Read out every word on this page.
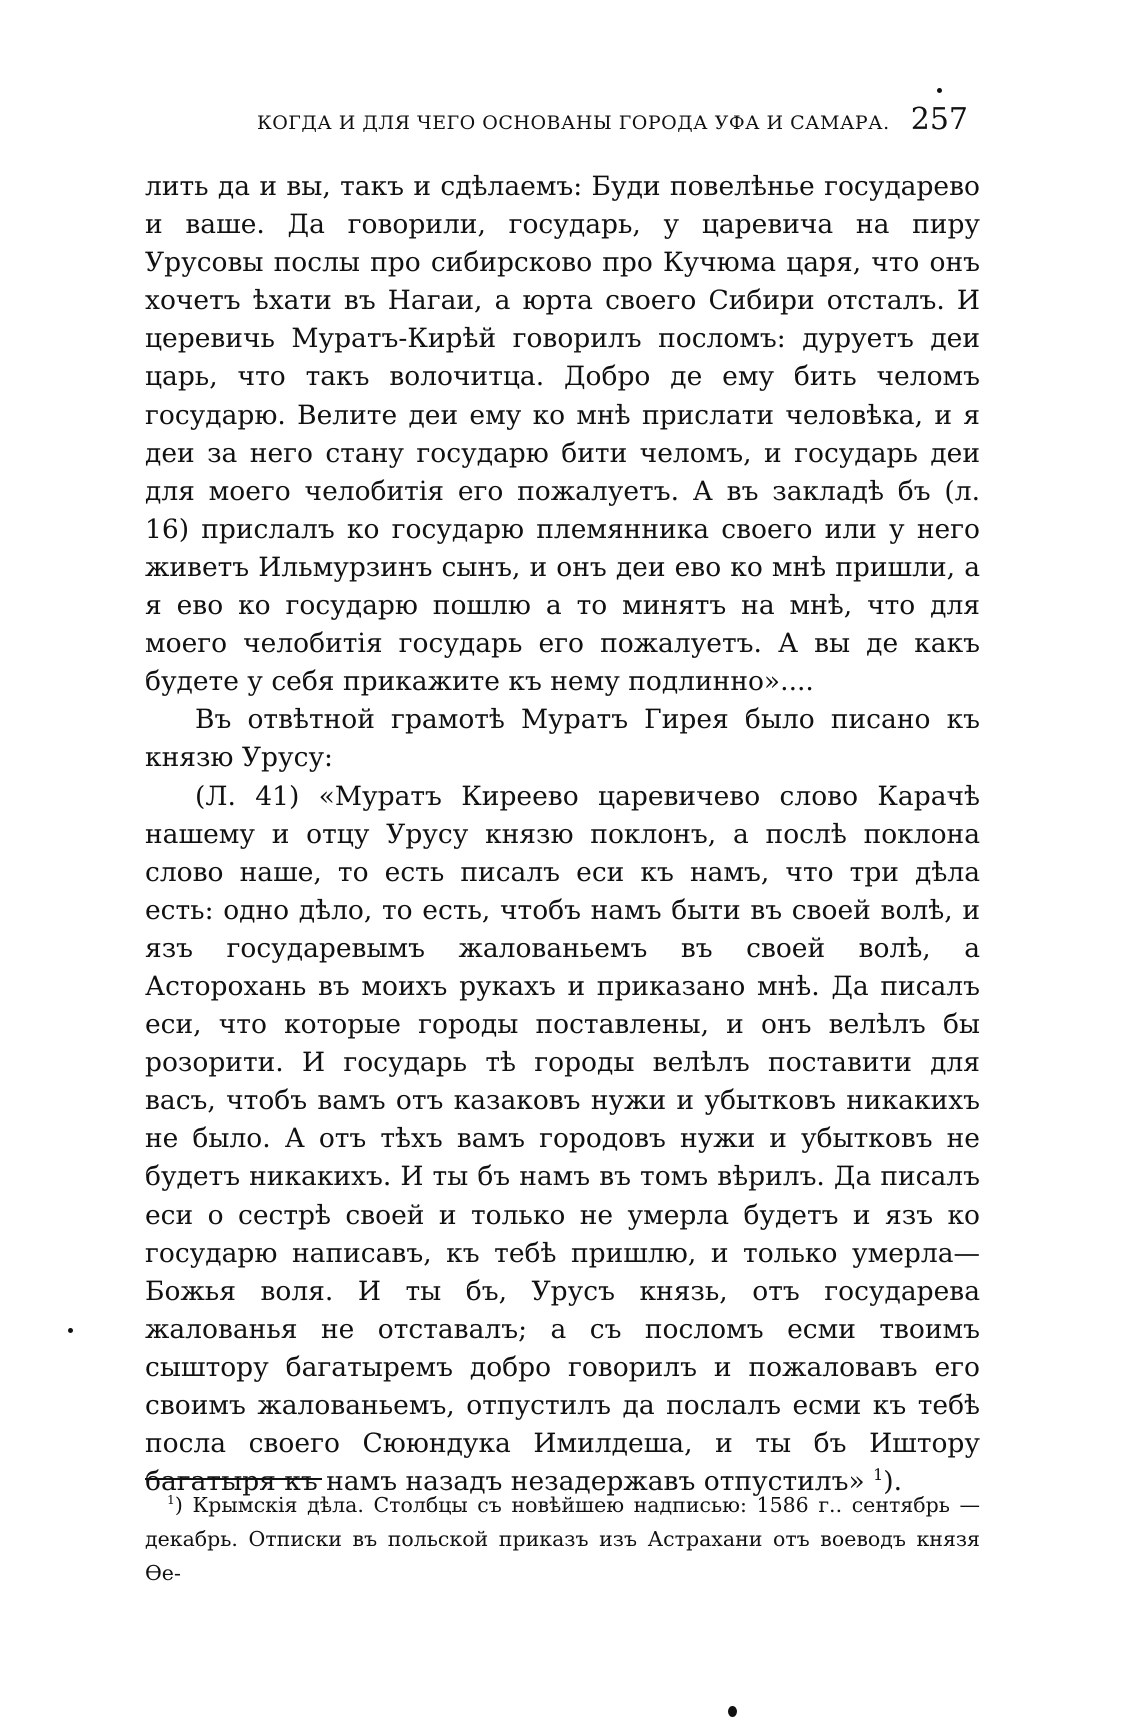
КОГДА И ДЛЯ ЧЕГО ОСНОВАНЫ ГОРОДА УФА И САМАРА. 257

лить да и вы, такъ и сдѣлаемъ: Буди повелѣнье государево и ваше. Да говорили, государь, у царевича на пиру Урусовы послы про сибирсково про Кучюма царя, что онъ хочетъ ѣхати въ Нагаи, а юрта своего Сибири отсталъ. И церевичь Муратъ-Кирѣй говорилъ посломъ: дуруетъ деи царь, что такъ волочитца. Добро де ему бить челомъ государю. Велите деи ему ко мнѣ прислати человѣка, и я деи за него стану государю бити челомъ, и государь деи для моего челобитія его пожалуетъ. А въ закладѣ бъ (л. 16) прислалъ ко государю племянника своего или у него живетъ Ильмурзинъ сынъ, и онъ деи ево ко мнѣ пришли, а я ево ко государю пошлю а то минятъ на мнѣ, что для моего челобитія государь его пожалуетъ. А вы де какъ будете у себя прикажите къ нему подлинно»....

Въ отвѣтной грамотѣ Муратъ Гирея было писано къ князю Урусу:

(Л. 41) «Муратъ Киреево царевичево слово Карачѣ нашему и отцу Урусу князю поклонъ, а послѣ поклона слово наше, то есть писалъ еси къ намъ, что три дѣла есть: одно дѣло, то есть, чтобъ намъ быти въ своей волѣ, и язъ государевымъ жалованьемъ въ своей волѣ, а Асторохань въ моихъ рукахъ и приказано мнѣ. Да писалъ еси, что которые городы поставлены, и онъ велѣлъ бы розорити. И государь тѣ городы велѣлъ поставити для васъ, чтобъ вамъ отъ казаковъ нужи и убытковъ никакихъ не было. А отъ тѣхъ вамъ городовъ нужи и убытковъ не будетъ никакихъ. И ты бъ намъ въ томъ вѣрилъ. Да писалъ еси о сестрѣ своей и только не умерла будетъ и язъ ко государю написавъ, къ тебѣ пришлю, и только умерла—Божья воля. И ты бъ, Урусъ князь, отъ государева жалованья не отставалъ; а съ посломъ есми твоимъ сыштору багатыремъ добро говорилъ и пожаловавъ его своимъ жалованьемъ, отпустилъ да послалъ есми къ тебѣ посла своего Сююндука Имилдеша, и ты бъ Иштору багатыря къ намъ назадъ незадержавъ отпустилъ» $^1$).

$^1$) Крымскія дѣла. Столбцы съ новѣйшею надписью: 1586 г.. сентябрь — декабрь. Отписки въ польской приказъ изъ Астрахани отъ воеводъ князя Ѳе-
